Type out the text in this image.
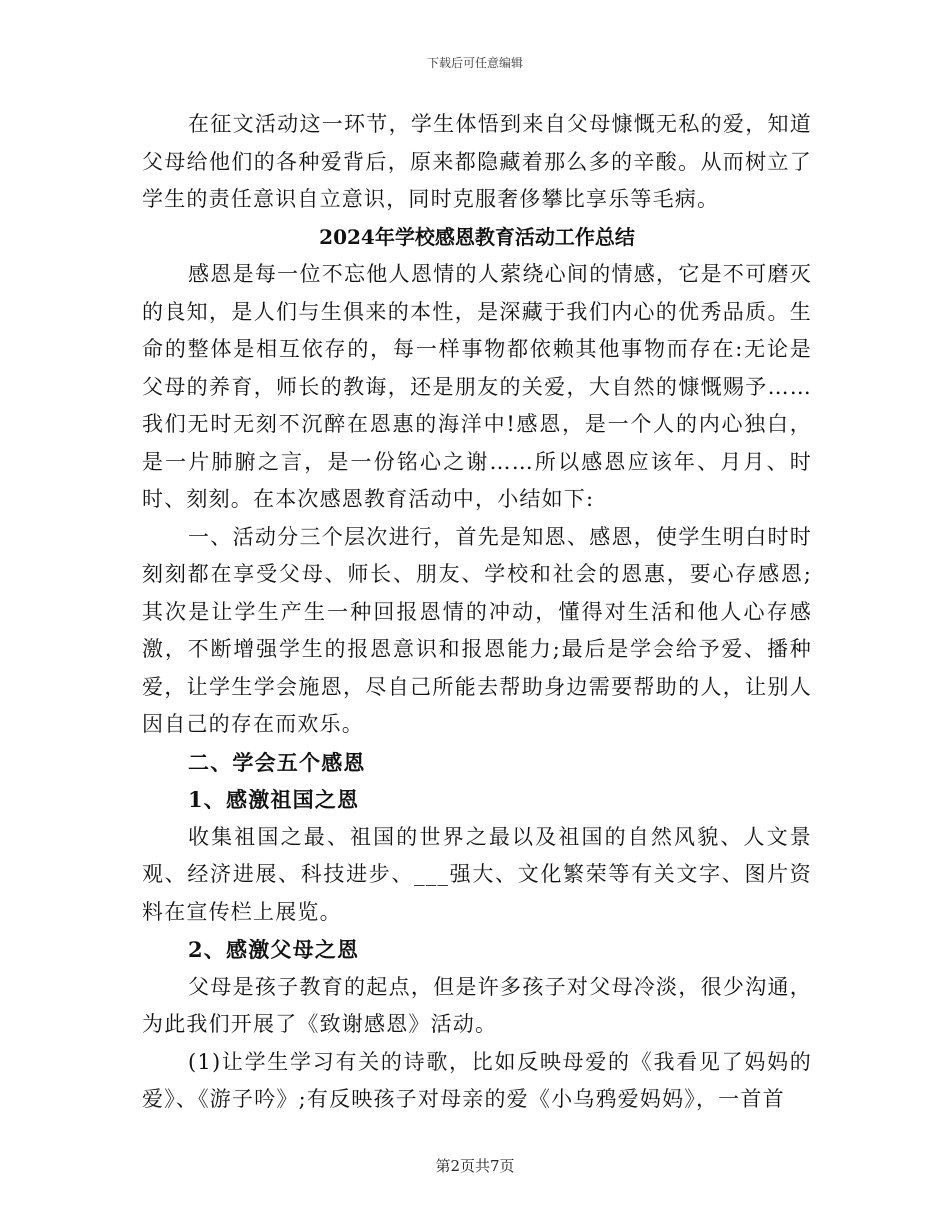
下载后可任意编辑

在征文活动这一环节，学生体悟到来自父母慷慨无私的爱，知道父母给他们的各种爱背后，原来都隐藏着那么多的辛酸。从而树立了学生的责任意识自立意识，同时克服奢侈攀比享乐等毛病。

2024年学校感恩教育活动工作总结

感恩是每一位不忘他人恩情的人萦绕心间的情感，它是不可磨灭的良知，是人们与生俱来的本性，是深藏于我们内心的优秀品质。生命的整体是相互依存的，每一样事物都依赖其他事物而存在:无论是父母的养育，师长的教诲，还是朋友的关爱，大自然的慷慨赐予……我们无时无刻不沉醉在恩惠的海洋中!感恩，是一个人的内心独白，是一片肺腑之言，是一份铭心之谢……所以感恩应该年、月月、时时、刻刻。在本次感恩教育活动中，小结如下:

一、活动分三个层次进行，首先是知恩、感恩，使学生明白时时刻刻都在享受父母、师长、朋友、学校和社会的恩惠，要心存感恩;其次是让学生产生一种回报恩情的冲动，懂得对生活和他人心存感激，不断增强学生的报恩意识和报恩能力;最后是学会给予爱、播种爱，让学生学会施恩，尽自己所能去帮助身边需要帮助的人，让别人因自己的存在而欢乐。

二、学会五个感恩

1、感激祖国之恩

收集祖国之最、祖国的世界之最以及祖国的自然风貌、人文景观、经济进展、科技进步、___强大、文化繁荣等有关文字、图片资料在宣传栏上展览。

2、感激父母之恩

父母是孩子教育的起点，但是许多孩子对父母冷淡，很少沟通，为此我们开展了《致谢感恩》活动。

(1)让学生学习有关的诗歌，比如反映母爱的《我看见了妈妈的爱》、《游子吟》;有反映孩子对母亲的爱《小乌鸦爱妈妈》，一首首

第2页共7页
